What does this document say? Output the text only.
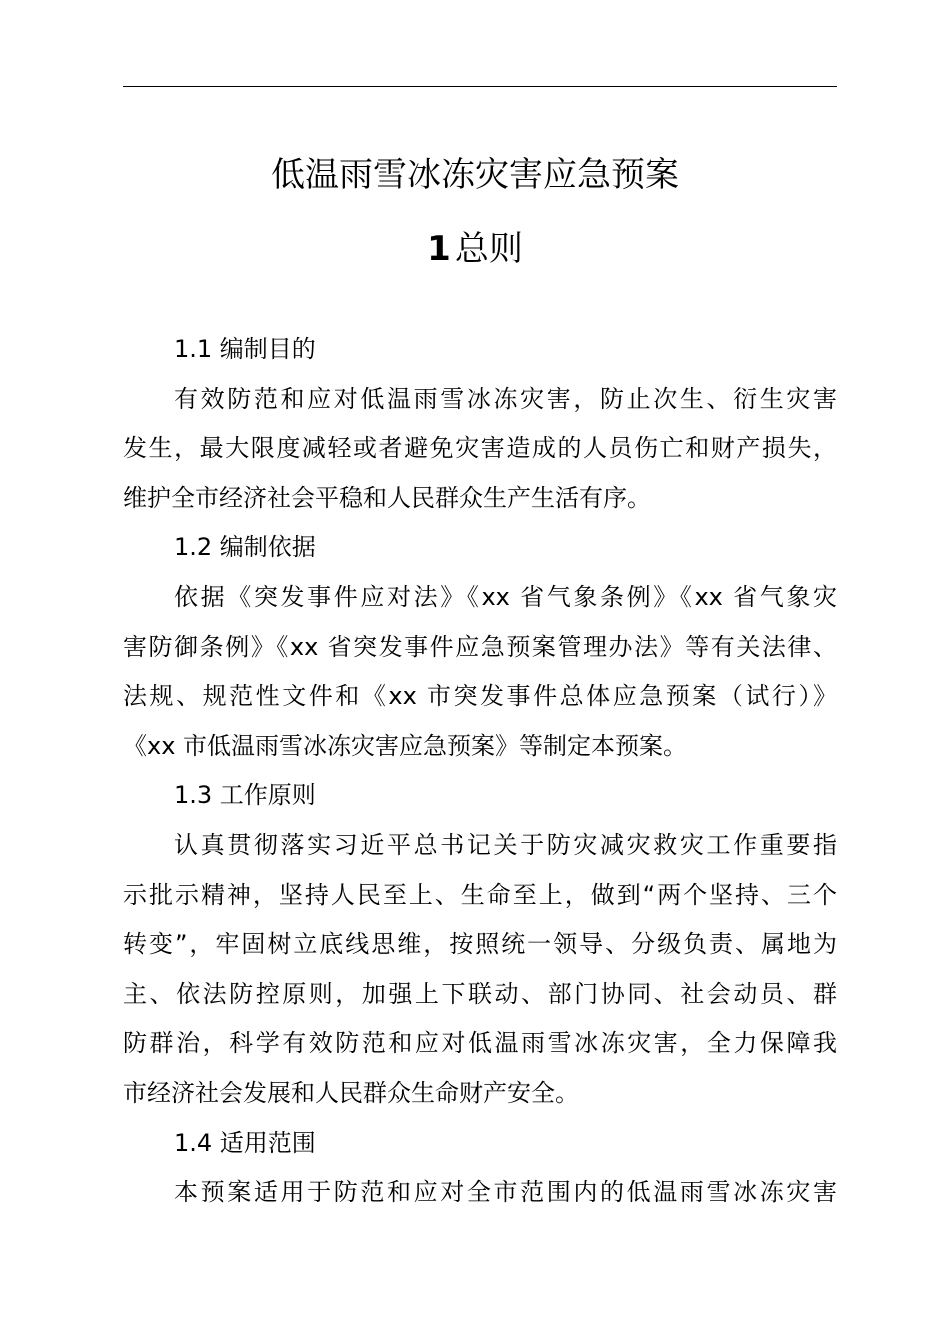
低温雨雪冰冻灾害应急预案
1 总则
1.1 编制目的
有效防范和应对低温雨雪冰冻灾害，防止次生、衍生灾害
发生，最大限度减轻或者避免灾害造成的人员伤亡和财产损失，
维护全市经济社会平稳和人民群众生产生活有序。
1.2 编制依据
依据《突发事件应对法》《xx 省气象条例》《xx 省气象灾
害防御条例》《xx 省突发事件应急预案管理办法》等有关法律、
法规、规范性文件和《xx 市突发事件总体应急预案（试行）》
《xx 市低温雨雪冰冻灾害应急预案》等制定本预案。
1.3 工作原则
认真贯彻落实习近平总书记关于防灾减灾救灾工作重要指
示批示精神，坚持人民至上、生命至上，做到“两个坚持、三个
转变”，牢固树立底线思维，按照统一领导、分级负责、属地为
主、依法防控原则，加强上下联动、部门协同、社会动员、群
防群治，科学有效防范和应对低温雨雪冰冻灾害，全力保障我
市经济社会发展和人民群众生命财产安全。
1.4 适用范围
本预案适用于防范和应对全市范围内的低温雨雪冰冻灾害
